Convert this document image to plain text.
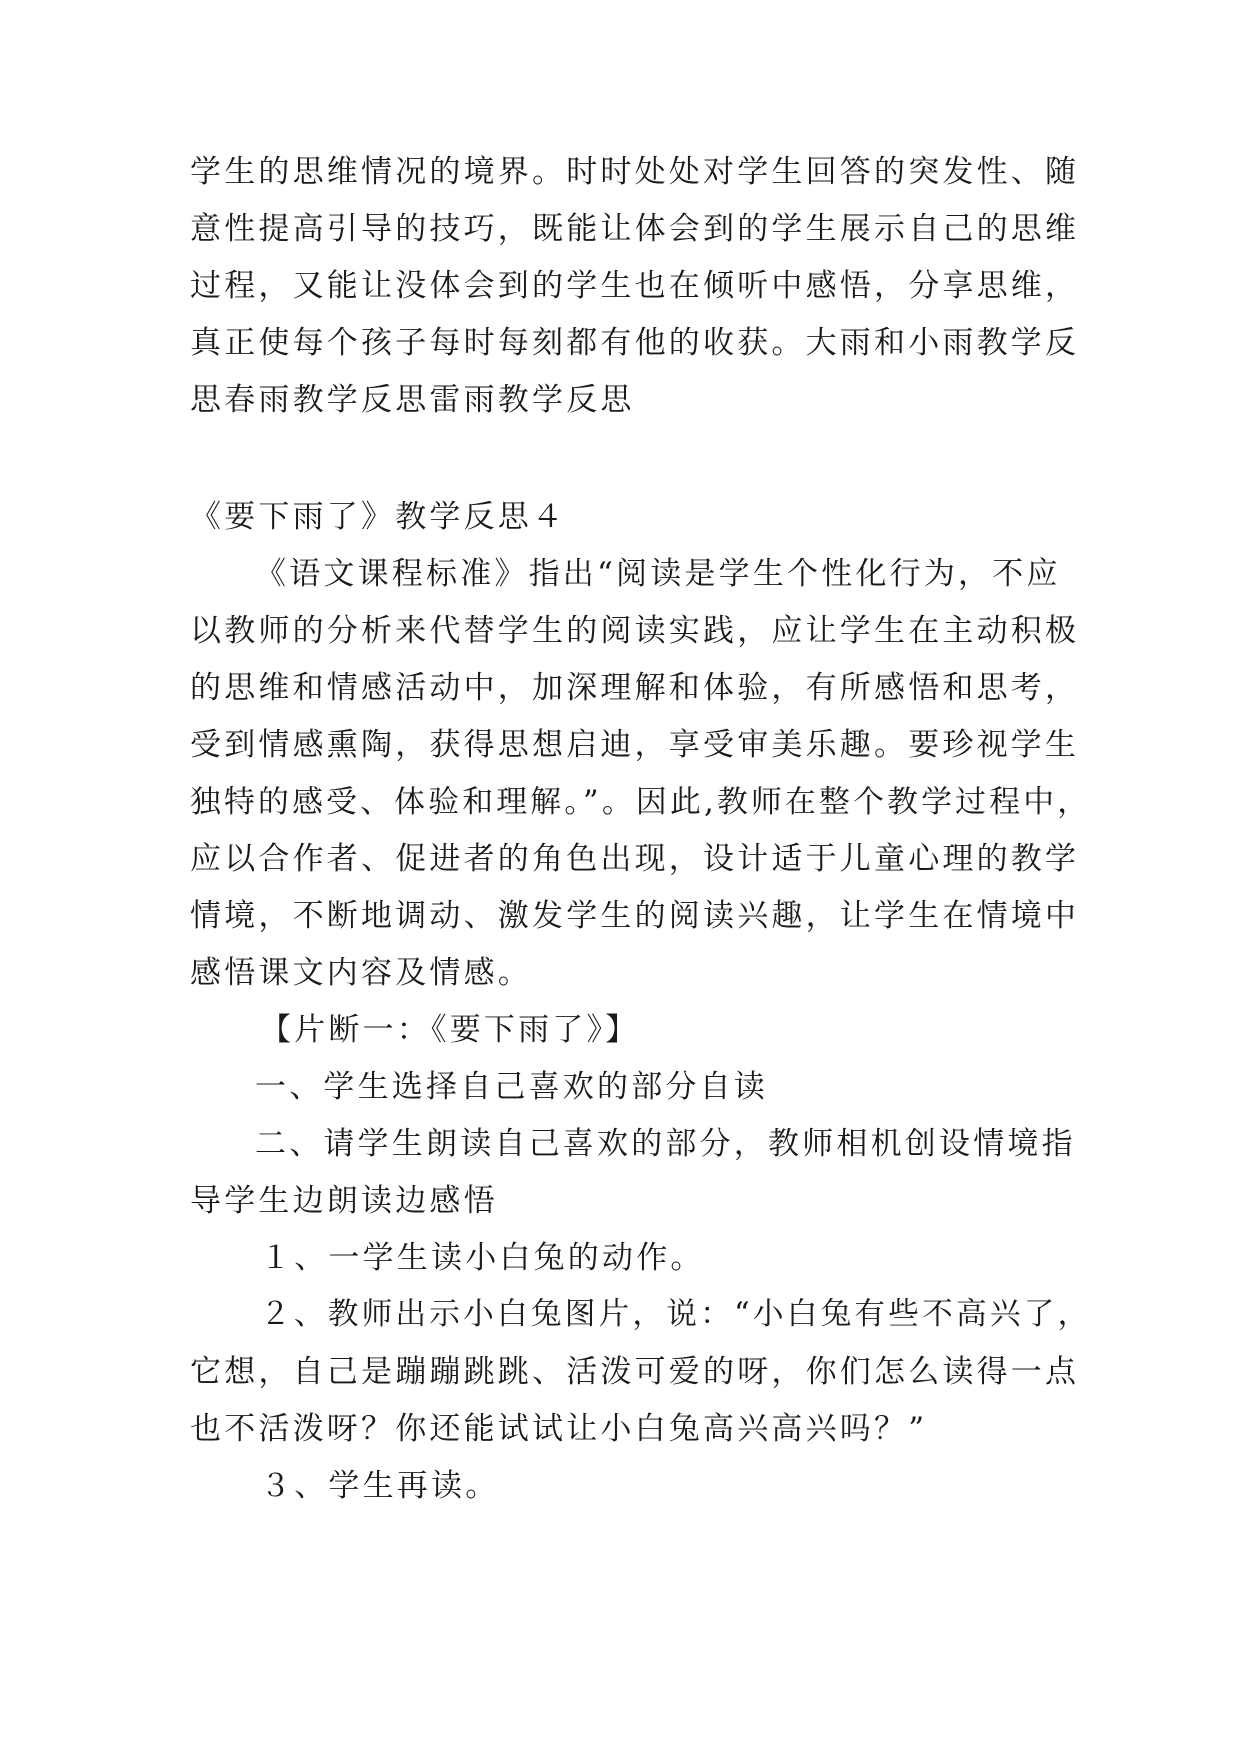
学生的思维情况的境界。时时处处对学生回答的突发性、随

意性提高引导的技巧，既能让体会到的学生展示自己的思维

过程，又能让没体会到的学生也在倾听中感悟，分享思维，

真正使每个孩子每时每刻都有他的收获。大雨和小雨教学反

思春雨教学反思雷雨教学反思

《要下雨了》教学反思４

《语文课程标准》指出“阅读是学生个性化行为，不应

以教师的分析来代替学生的阅读实践，应让学生在主动积极

的思维和情感活动中，加深理解和体验，有所感悟和思考，

受到情感熏陶，获得思想启迪，享受审美乐趣。要珍视学生

独特的感受、体验和理解。”。因此,教师在整个教学过程中，

应以合作者、促进者的角色出现，设计适于儿童心理的教学

情境，不断地调动、激发学生的阅读兴趣，让学生在情境中

感悟课文内容及情感。

【片断一：《要下雨了》】

一、学生选择自己喜欢的部分自读

二、请学生朗读自己喜欢的部分，教师相机创设情境指

导学生边朗读边感悟

１、一学生读小白兔的动作。

２、教师出示小白兔图片，说：“小白兔有些不高兴了，

它想，自己是蹦蹦跳跳、活泼可爱的呀，你们怎么读得一点

也不活泼呀？你还能试试让小白兔高兴高兴吗？”

３、学生再读。
